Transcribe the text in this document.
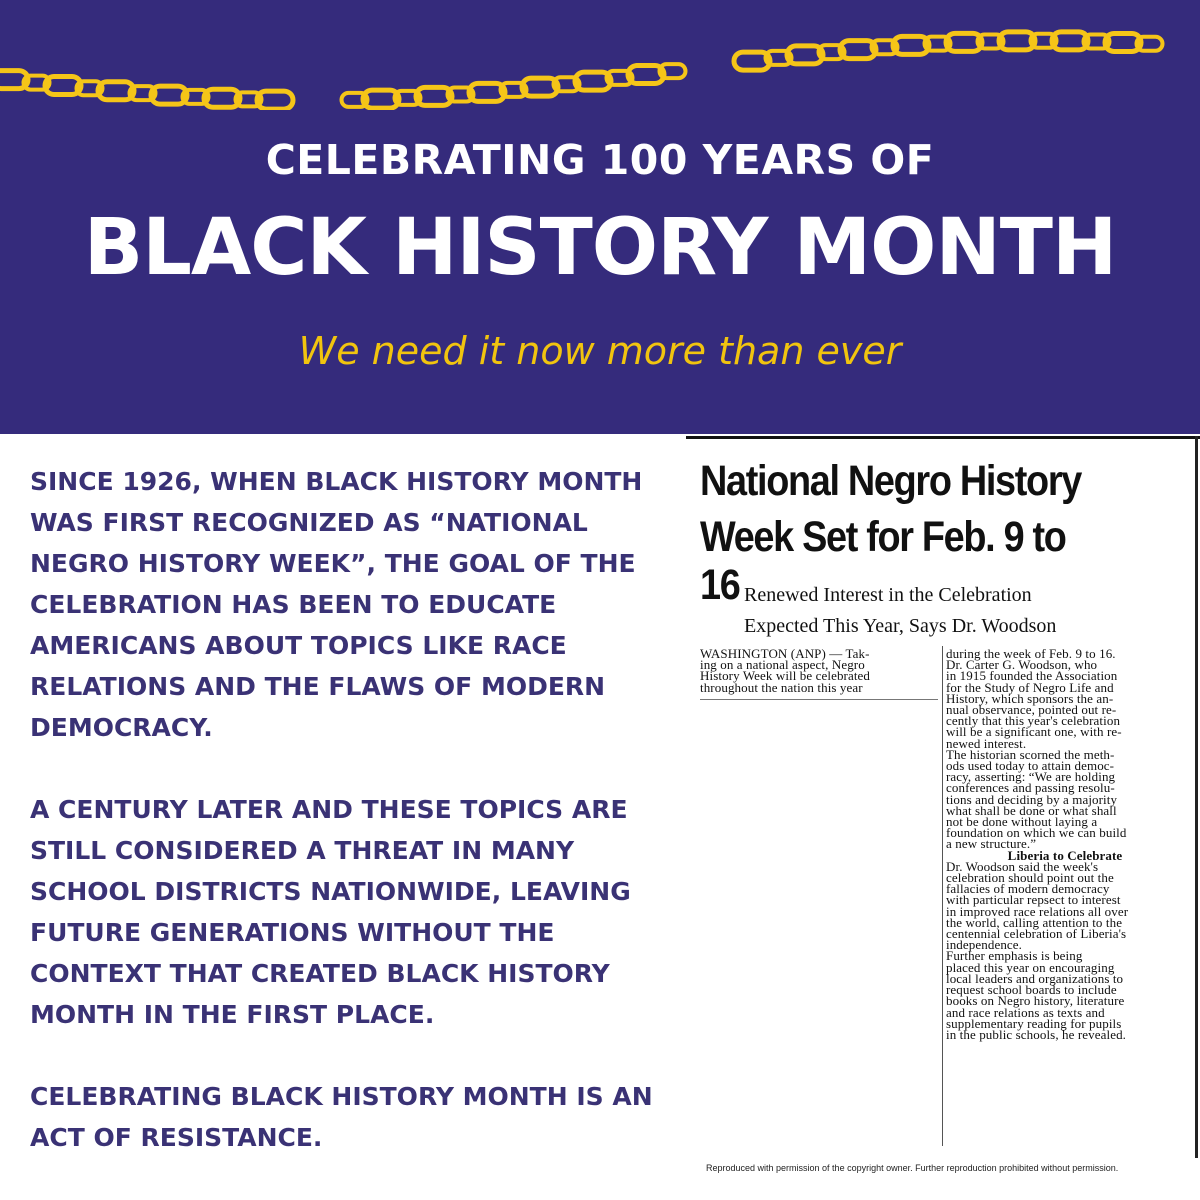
CELEBRATING 100 YEARS OF
BLACK HISTORY MONTH
We need it now more than ever

SINCE 1926, WHEN BLACK HISTORY MONTH WAS FIRST RECOGNIZED AS “NATIONAL NEGRO HISTORY WEEK”, THE GOAL OF THE CELEBRATION HAS BEEN TO EDUCATE AMERICANS ABOUT TOPICS LIKE RACE RELATIONS AND THE FLAWS OF MODERN DEMOCRACY.

A CENTURY LATER AND THESE TOPICS ARE STILL CONSIDERED A THREAT IN MANY SCHOOL DISTRICTS NATIONWIDE, LEAVING FUTURE GENERATIONS WITHOUT THE CONTEXT THAT CREATED BLACK HISTORY MONTH IN THE FIRST PLACE.

CELEBRATING BLACK HISTORY MONTH IS AN ACT OF RESISTANCE.

National Negro History
Week Set for Feb. 9 to 16 Renewed Interest in the Celebration
Expected This Year, Says Dr. Woodson
WASHINGTON (ANP) — Tak-
ing on a national aspect, Negro
History Week will be celebrated
throughout the nation this year
during the week of Feb. 9 to 16.
Dr. Carter G. Woodson, who
in 1915 founded the Association
for the Study of Negro Life and
History, which sponsors the an-
nual observance, pointed out re-
cently that this year's celebration
will be a significant one, with re-
newed interest.
The historian scorned the meth-
ods used today to attain democ-
racy, asserting: “We are holding
conferences and passing resolu-
tions and deciding by a majority
what shall be done or what shall
not be done without laying a
foundation on which we can build
a new structure.”
Liberia to Celebrate
Dr. Woodson said the week's
celebration should point out the
fallacies of modern democracy
with particular repsect to interest
in improved race relations all over
the world, calling attention to the
centennial celebration of Liberia's
independence.
Further emphasis is being
placed this year on encouraging
local leaders and organizations to
request school boards to include
books on Negro history, literature
and race relations as texts and
supplementary reading for pupils
in the public schools, he revealed.
Reproduced with permission of the copyright owner. Further reproduction prohibited without permission.
